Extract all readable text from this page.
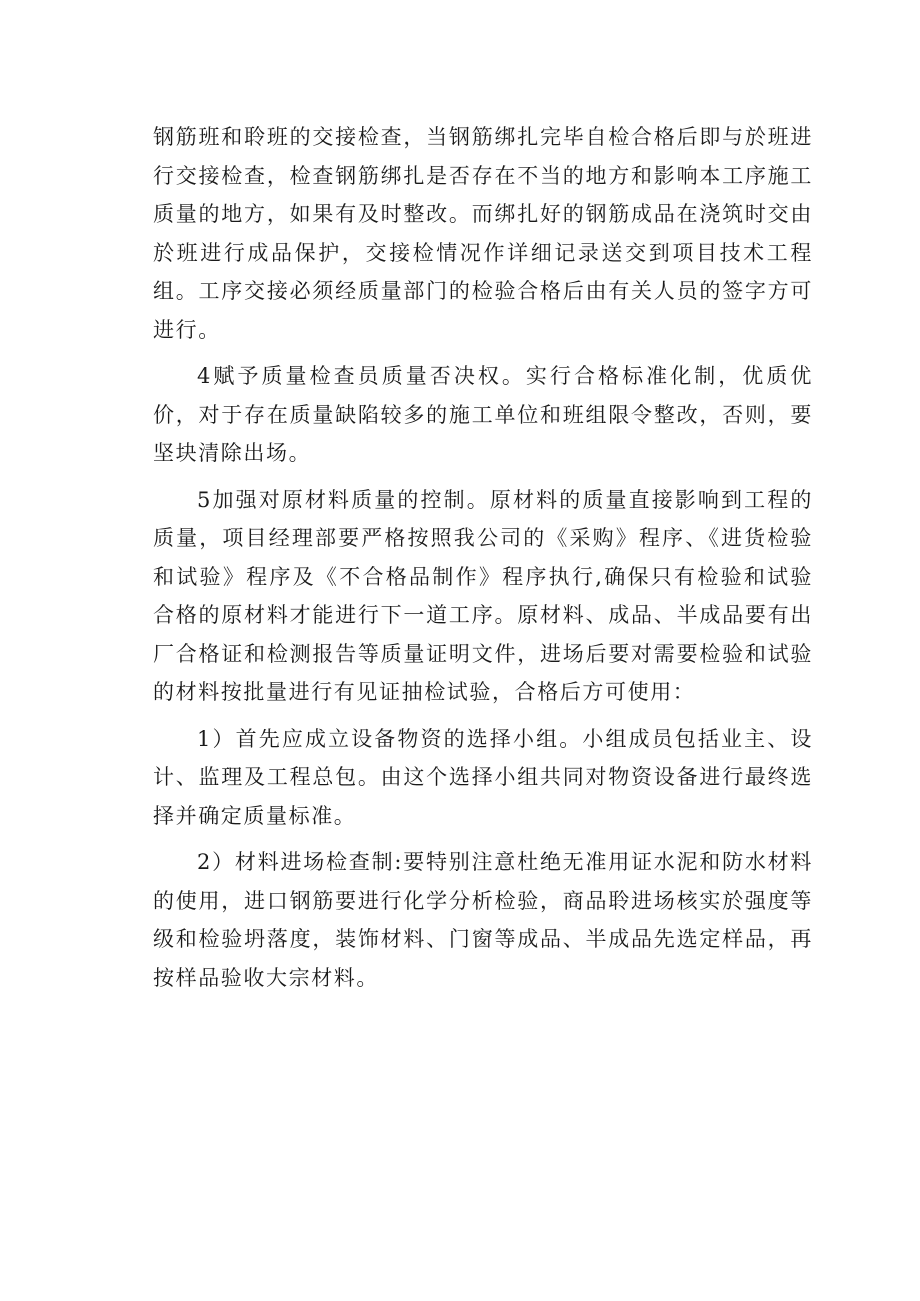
钢筋班和聆班的交接检查，当钢筋绑扎完毕自检合格后即与於班进行交接检查，检查钢筋绑扎是否存在不当的地方和影响本工序施工质量的地方，如果有及时整改。而绑扎好的钢筋成品在浇筑时交由於班进行成品保护，交接检情况作详细记录送交到项目技术工程组。工序交接必须经质量部门的检验合格后由有关人员的签字方可进行。

4赋予质量检查员质量否决权。实行合格标准化制，优质优价，对于存在质量缺陷较多的施工单位和班组限令整改，否则，要坚块清除出场。

5加强对原材料质量的控制。原材料的质量直接影响到工程的质量，项目经理部要严格按照我公司的《采购》程序、《进货检验和试验》程序及《不合格品制作》程序执行,确保只有检验和试验合格的原材料才能进行下一道工序。原材料、成品、半成品要有出厂合格证和检测报告等质量证明文件，进场后要对需要检验和试验的材料按批量进行有见证抽检试验，合格后方可使用：

1）首先应成立设备物资的选择小组。小组成员包括业主、设计、监理及工程总包。由这个选择小组共同对物资设备进行最终选择并确定质量标准。

2）材料进场检查制:要特别注意杜绝无准用证水泥和防水材料的使用，进口钢筋要进行化学分析检验，商品聆进场核实於强度等级和检验坍落度，装饰材料、门窗等成品、半成品先选定样品，再按样品验收大宗材料。
